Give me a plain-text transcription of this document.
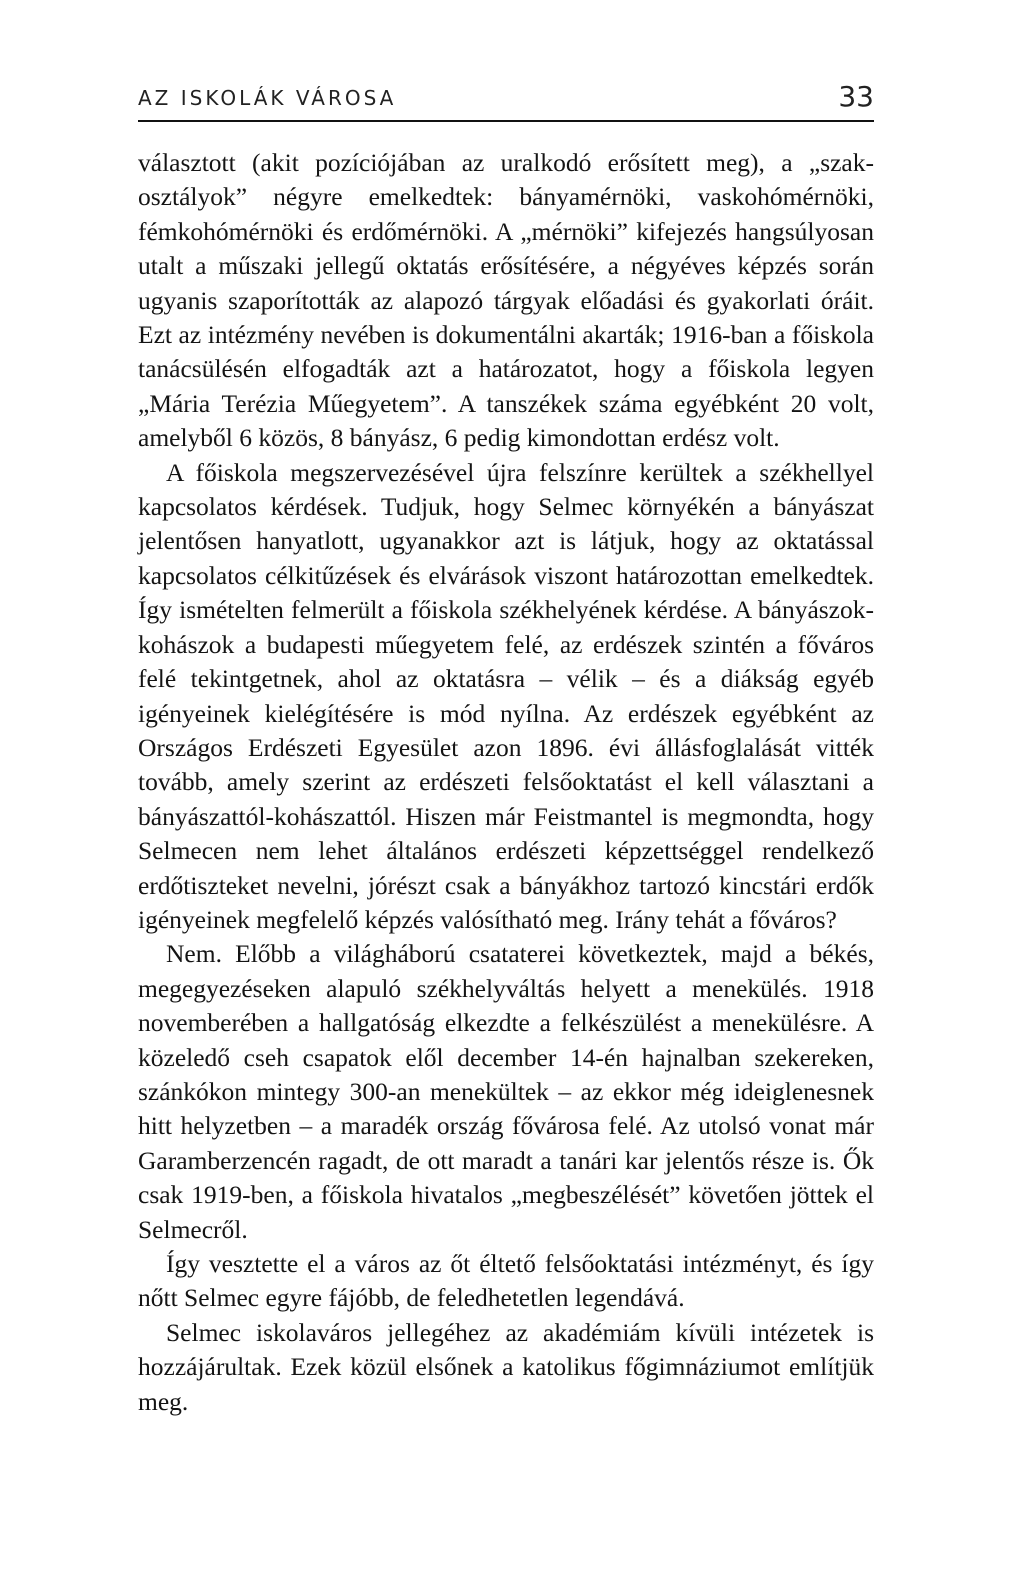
AZ ISKOLÁK VÁROSA	33

választott (akit pozíciójában az uralkodó erősített meg), a „szakosztályok” négyre emelkedtek: bányamérnöki, vaskohómérnöki, fémkohómérnöki és erdőmérnöki. A „mérnöki” kifejezés hangsúlyosan utalt a műszaki jellegű oktatás erősítésére, a négyéves képzés során ugyanis szaporították az alapozó tárgyak előadási és gyakorlati óráit. Ezt az intézmény nevében is dokumentálni akarták; 1916-ban a főiskola tanácsülésén elfogadták azt a határozatot, hogy a főiskola legyen „Mária Terézia Műegyetem”. A tanszékek száma egyébként 20 volt, amelyből 6 közös, 8 bányász, 6 pedig kimondottan erdész volt.

A főiskola megszervezésével újra felszínre kerültek a székhellyel kapcsolatos kérdések. Tudjuk, hogy Selmec környékén a bányászat jelentősen hanyatlott, ugyanakkor azt is látjuk, hogy az oktatással kapcsolatos célkitűzések és elvárások viszont határozottan emelkedtek. Így ismételten felmerült a főiskola székhelyének kérdése. A bányászok-kohászok a budapesti műegyetem felé, az erdészek szintén a főváros felé tekintgetnek, ahol az oktatásra – vélik – és a diákság egyéb igényeinek kielégítésére is mód nyílna. Az erdészek egyébként az Országos Erdészeti Egyesület azon 1896. évi állásfoglalását vitték tovább, amely szerint az erdészeti felsőoktatást el kell választani a bányászattól-kohászattól. Hiszen már Feistmantel is megmondta, hogy Selmecen nem lehet általános erdészeti képzettséggel rendelkező erdőtiszteket nevelni, jórészt csak a bányákhoz tartozó kincstári erdők igényeinek megfelelő képzés valósítható meg. Irány tehát a főváros?

Nem. Előbb a világháború csataterei következtek, majd a békés, megegyezéseken alapuló székhelyváltás helyett a menekülés. 1918 novemberében a hallgatóság elkezdte a felkészülést a menekülésre. A közeledő cseh csapatok elől december 14-én hajnalban szekereken, szánkókon mintegy 300-an menekültek – az ekkor még ideiglenesnek hitt helyzetben – a maradék ország fővárosa felé. Az utolsó vonat már Garamberzencén ragadt, de ott maradt a tanári kar jelentős része is. Ők csak 1919-ben, a főiskola hivatalos „megbeszélését” követően jöttek el Selmecről.

Így vesztette el a város az őt éltető felsőoktatási intézményt, és így nőtt Selmec egyre fájóbb, de feledhetetlen legendává.

Selmec iskolaváros jellegéhez az akadémiám kívüli intézetek is hozzájárultak. Ezek közül elsőnek a katolikus főgimnáziumot említjük meg.
